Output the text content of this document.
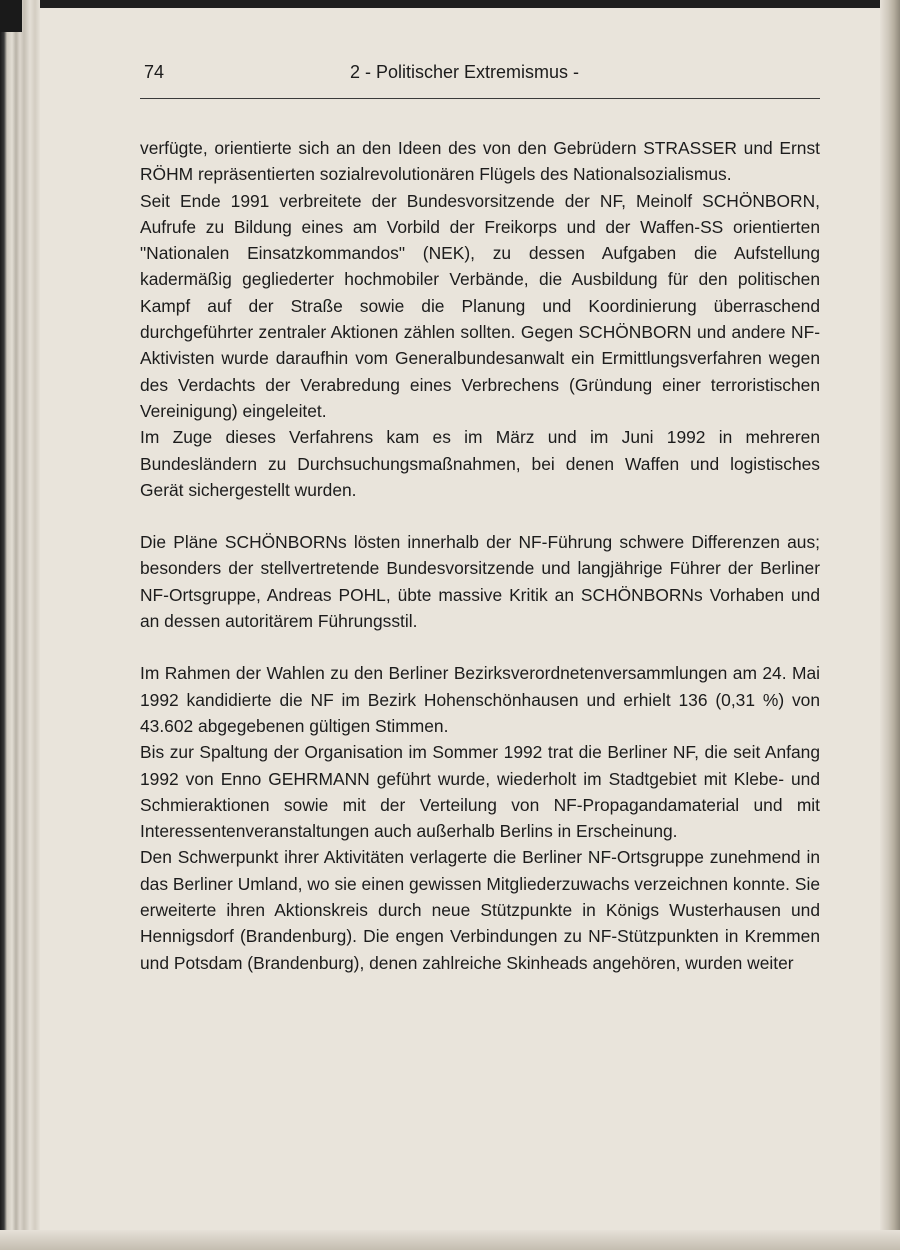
74	2 - Politischer Extremismus -

verfügte, orientierte sich an den Ideen des von den Gebrüdern STRASSER und Ernst RÖHM repräsentierten sozialrevolutionären Flügels des Nationalsozialismus.

Seit Ende 1991 verbreitete der Bundesvorsitzende der NF, Meinolf SCHÖNBORN, Aufrufe zu Bildung eines am Vorbild der Freikorps und der Waffen-SS orientierten "Nationalen Einsatzkommandos" (NEK), zu dessen Aufgaben die Aufstellung kadermäßig gegliederter hochmobiler Verbände, die Ausbildung für den politischen Kampf auf der Straße sowie die Planung und Koordinierung überraschend durchgeführter zentraler Aktionen zählen sollten. Gegen SCHÖNBORN und andere NF-Aktivisten wurde daraufhin vom Generalbundesanwalt ein Ermittlungsverfahren wegen des Verdachts der Verabredung eines Verbrechens (Gründung einer terroristischen Vereinigung) eingeleitet.

Im Zuge dieses Verfahrens kam es im März und im Juni 1992 in mehreren Bundesländern zu Durchsuchungsmaßnahmen, bei denen Waffen und logistisches Gerät sichergestellt wurden.

Die Pläne SCHÖNBORNs lösten innerhalb der NF-Führung schwere Differenzen aus; besonders der stellvertretende Bundesvorsitzende und langjährige Führer der Berliner NF-Ortsgruppe, Andreas POHL, übte massive Kritik an SCHÖNBORNs Vorhaben und an dessen autoritärem Führungsstil.

Im Rahmen der Wahlen zu den Berliner Bezirksverordnetenversammlungen am 24. Mai 1992 kandidierte die NF im Bezirk Hohenschönhausen und erhielt 136 (0,31 %) von 43.602 abgegebenen gültigen Stimmen.

Bis zur Spaltung der Organisation im Sommer 1992 trat die Berliner NF, die seit Anfang 1992 von Enno GEHRMANN geführt wurde, wiederholt im Stadtgebiet mit Klebe- und Schmieraktionen sowie mit der Verteilung von NF-Propagandamaterial und mit Interessentenveranstaltungen auch außerhalb Berlins in Erscheinung.

Den Schwerpunkt ihrer Aktivitäten verlagerte die Berliner NF-Ortsgruppe zunehmend in das Berliner Umland, wo sie einen gewissen Mitgliederzuwachs verzeichnen konnte. Sie erweiterte ihren Aktionskreis durch neue Stützpunkte in Königs Wusterhausen und Hennigsdorf (Brandenburg). Die engen Verbindungen zu NF-Stützpunkten in Kremmen und Potsdam (Brandenburg), denen zahlreiche Skinheads angehören, wurden weiter
